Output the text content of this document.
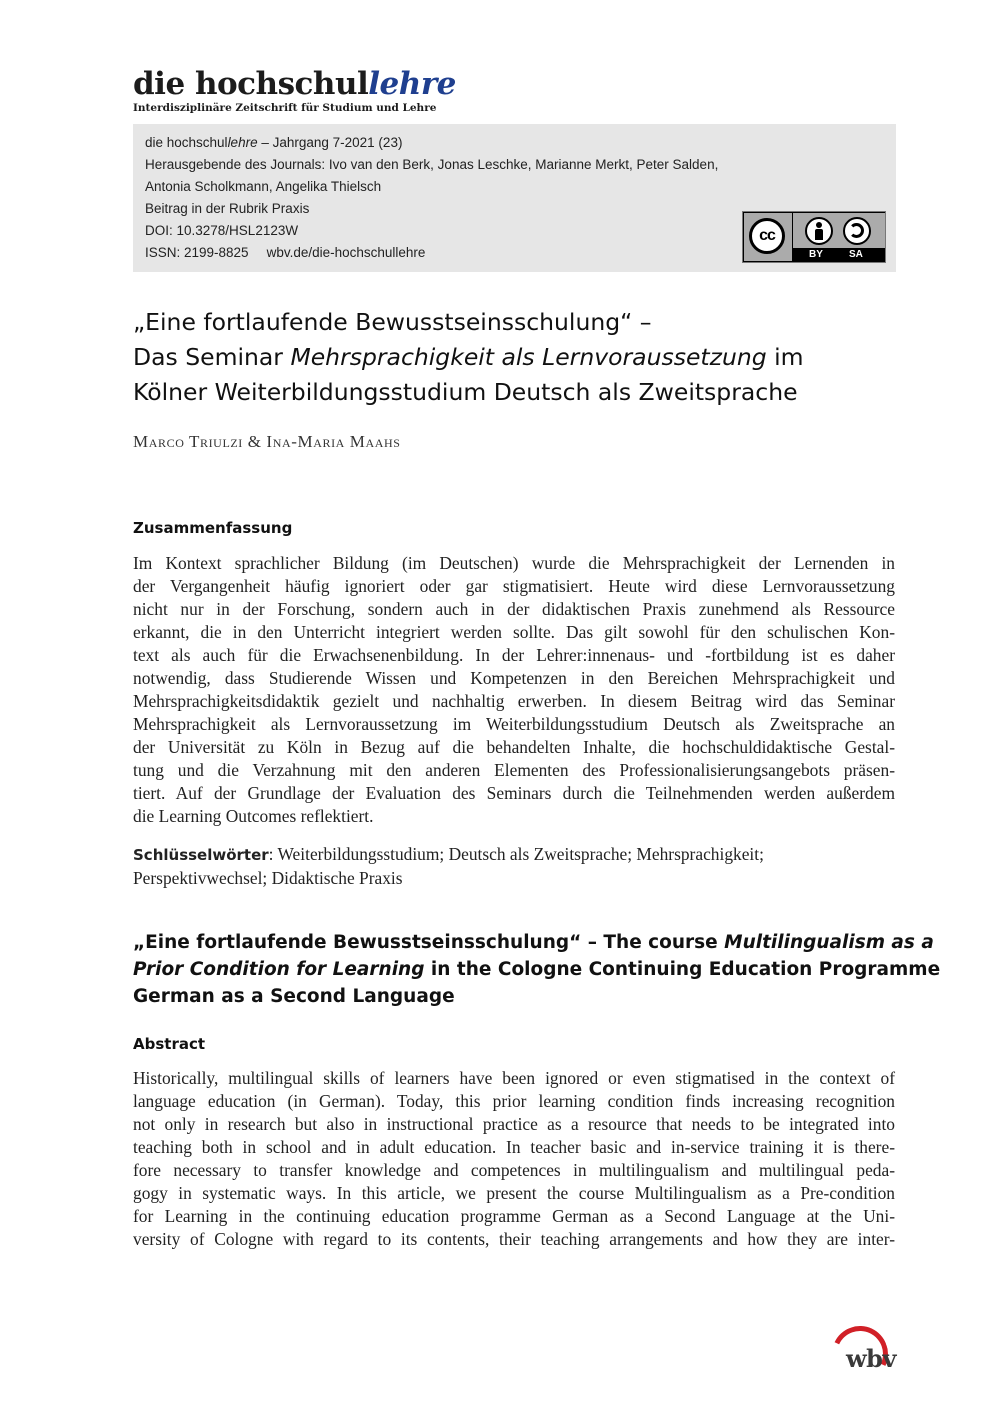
die hochschullehre
Interdisziplinäre Zeitschrift für Studium und Lehre
die hochschullehre – Jahrgang 7-2021 (23)
Herausgebende des Journals: Ivo van den Berk, Jonas Leschke, Marianne Merkt, Peter Salden,
Antonia Scholkmann, Angelika Thielsch
Beitrag in der Rubrik Praxis
DOI: 10.3278/HSL2123W
ISSN: 2199-8825 wbv.de/die-hochschullehre
cc
BY	SA
„Eine fortlaufende Bewusstseinsschulung“ –
Das Seminar Mehrsprachigkeit als Lernvoraussetzung im
Kölner Weiterbildungsstudium Deutsch als Zweitsprache
Marco Triulzi & Ina-Maria Maahs
Zusammenfassung
Im Kontext sprachlicher Bildung (im Deutschen) wurde die Mehrsprachigkeit der Lernenden in
der Vergangenheit häufig ignoriert oder gar stigmatisiert. Heute wird diese Lernvoraussetzung
nicht nur in der Forschung, sondern auch in der didaktischen Praxis zunehmend als Ressource
erkannt, die in den Unterricht integriert werden sollte. Das gilt sowohl für den schulischen Kon-
text als auch für die Erwachsenenbildung. In der Lehrer:innenaus- und -fortbildung ist es daher
notwendig, dass Studierende Wissen und Kompetenzen in den Bereichen Mehrsprachigkeit und
Mehrsprachigkeitsdidaktik gezielt und nachhaltig erwerben. In diesem Beitrag wird das Seminar
Mehrsprachigkeit als Lernvoraussetzung im Weiterbildungsstudium Deutsch als Zweitsprache an
der Universität zu Köln in Bezug auf die behandelten Inhalte, die hochschuldidaktische Gestal-
tung und die Verzahnung mit den anderen Elementen des Professionalisierungsangebots präsen-
tiert. Auf der Grundlage der Evaluation des Seminars durch die Teilnehmenden werden außerdem
die Learning Outcomes reflektiert.
Schlüsselwörter: Weiterbildungsstudium; Deutsch als Zweitsprache; Mehrsprachigkeit;
Perspektivwechsel; Didaktische Praxis
„Eine fortlaufende Bewusstseinsschulung“ – The course Multilingualism as a
Prior Condition for Learning in the Cologne Continuing Education Programme
German as a Second Language
Abstract
Historically, multilingual skills of learners have been ignored or even stigmatised in the context of
language education (in German). Today, this prior learning condition finds increasing recognition
not only in research but also in instructional practice as a resource that needs to be integrated into
teaching both in school and in adult education. In teacher basic and in-service training it is there-
fore necessary to transfer knowledge and competences in multilingualism and multilingual peda-
gogy in systematic ways. In this article, we present the course Multilingualism as a Pre-condition
for Learning in the continuing education programme German as a Second Language at the Uni-
versity of Cologne with regard to its contents, their teaching arrangements and how they are inter-
wbv
